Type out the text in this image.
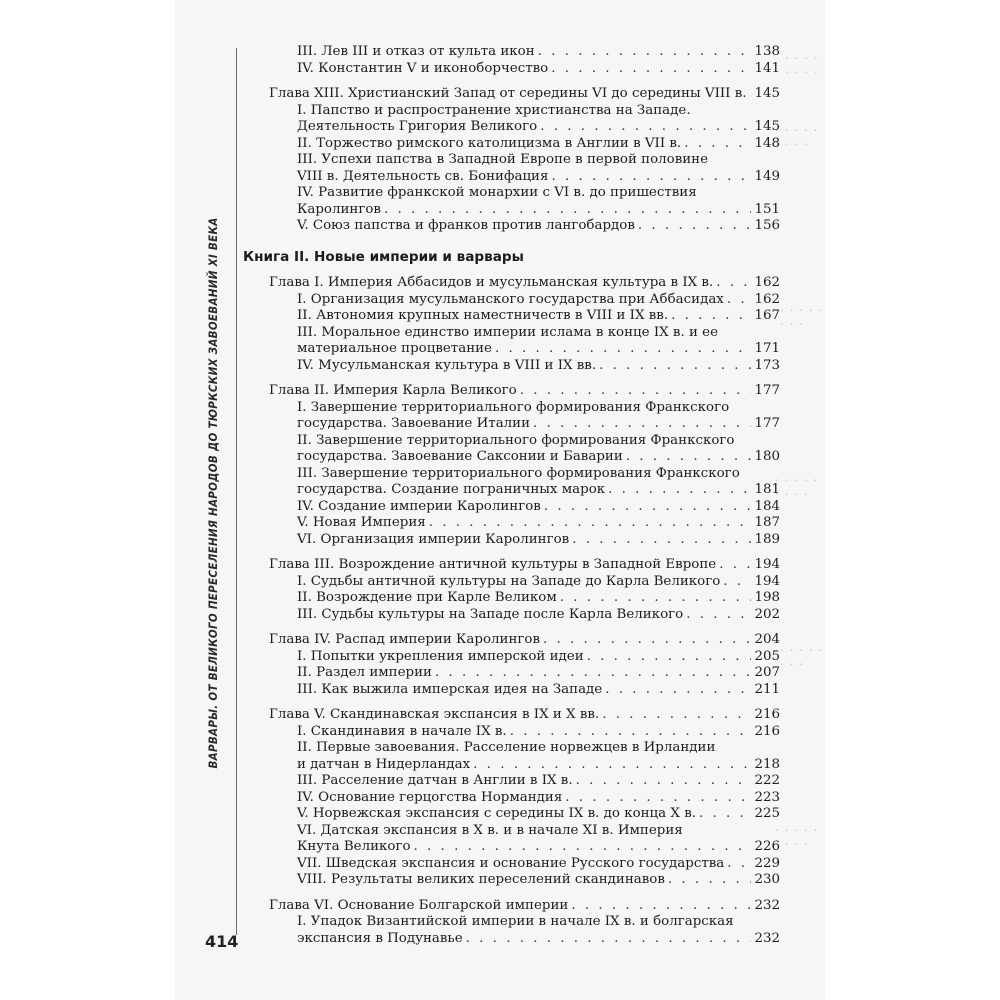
. . . . . . . .
. . . . . . . . .
. . . . . . . .
. . . . . . . . .
. . . . . . . .
. . . . . . . . .
ВАРВАРЫ. ОТ ВЕЛИКОГО ПЕРЕСЕЛЕНИЯ НАРОДОВ ДО ТЮРКСКИХ ЗАВОЕВАНИЙ XI ВЕКА
III. Лев III и отказ от культа икон . . .	138
IV. Константин V и иконоборчество . . .	141
Глава XIII. Христианский Запад от середины VI до середины VIII в. . . . 145
I. Папство и распространение христианства на Западе.
Деятельность Григория Великого . . .	145
II. Торжество римского католицизма в Англии в VII в. . . .	148
III. Успехи папства в Западной Европе в первой половине
VIII в. Деятельность св. Бонифация . . .	149
IV. Развитие франкской монархии с VI в. до пришествия
Каролингов . . .	151
V. Союз папства и франков против лангобардов . . .	156
Книга II. Новые империи и варвары
Глава I. Империя Аббасидов и мусульманская культура в IX в. . . .	162
I. Организация мусульманского государства при Аббасидах . . . 162
II. Автономия крупных наместничеств в VIII и IX вв. . . .	167
III. Моральное единство империи ислама в конце IX в. и ее
материальное процветание . . .	171
IV. Мусульманская культура в VIII и IX вв. . . .	173
Глава II. Империя Карла Великого . . .	177
I. Завершение территориального формирования Франкского
государства. Завоевание Италии . . .	177
II. Завершение территориального формирования Франкского
государства. Завоевание Саксонии и Баварии . . .	180
III. Завершение территориального формирования Франкского
государства. Создание пограничных марок . . .	181
IV. Создание империи Каролингов . . .	184
V. Новая Империя . . .	187
VI. Организация империи Каролингов . . .	189
Глава III. Возрождение античной культуры в Западной Европе . . .	194
I. Судьбы античной культуры на Западе до Карла Великого . . .	194
II. Возрождение при Карле Великом . . .	198
III. Судьбы культуры на Западе после Карла Великого . . .	202
Глава IV. Распад империи Каролингов . . .	204
I. Попытки укрепления имперской идеи . . .	205
II. Раздел империи . . .	207
III. Как выжила имперская идея на Западе . . .	211
Глава V. Скандинавская экспансия в IX и X вв. . . .	216
I. Скандинавия в начале IX в. . . .	216
II. Первые завоевания. Расселение норвежцев в Ирландии
и датчан в Нидерландах . . .	218
III. Расселение датчан в Англии в IX в. . . .	222
IV. Основание герцогства Нормандия . . .	223
V. Норвежская экспансия с середины IX в. до конца X в. . . .	225
VI. Датская экспансия в X в. и в начале XI в. Империя
Кнута Великого . . .	226
VII. Шведская экспансия и основание Русского государства . . . 229
VIII. Результаты великих переселений скандинавов . . .	230
Глава VI. Основание Болгарской империи . . .	232
I. Упадок Византийской империи в начале IX в. и болгарская
экспансия в Подунавье . . .	232
414
